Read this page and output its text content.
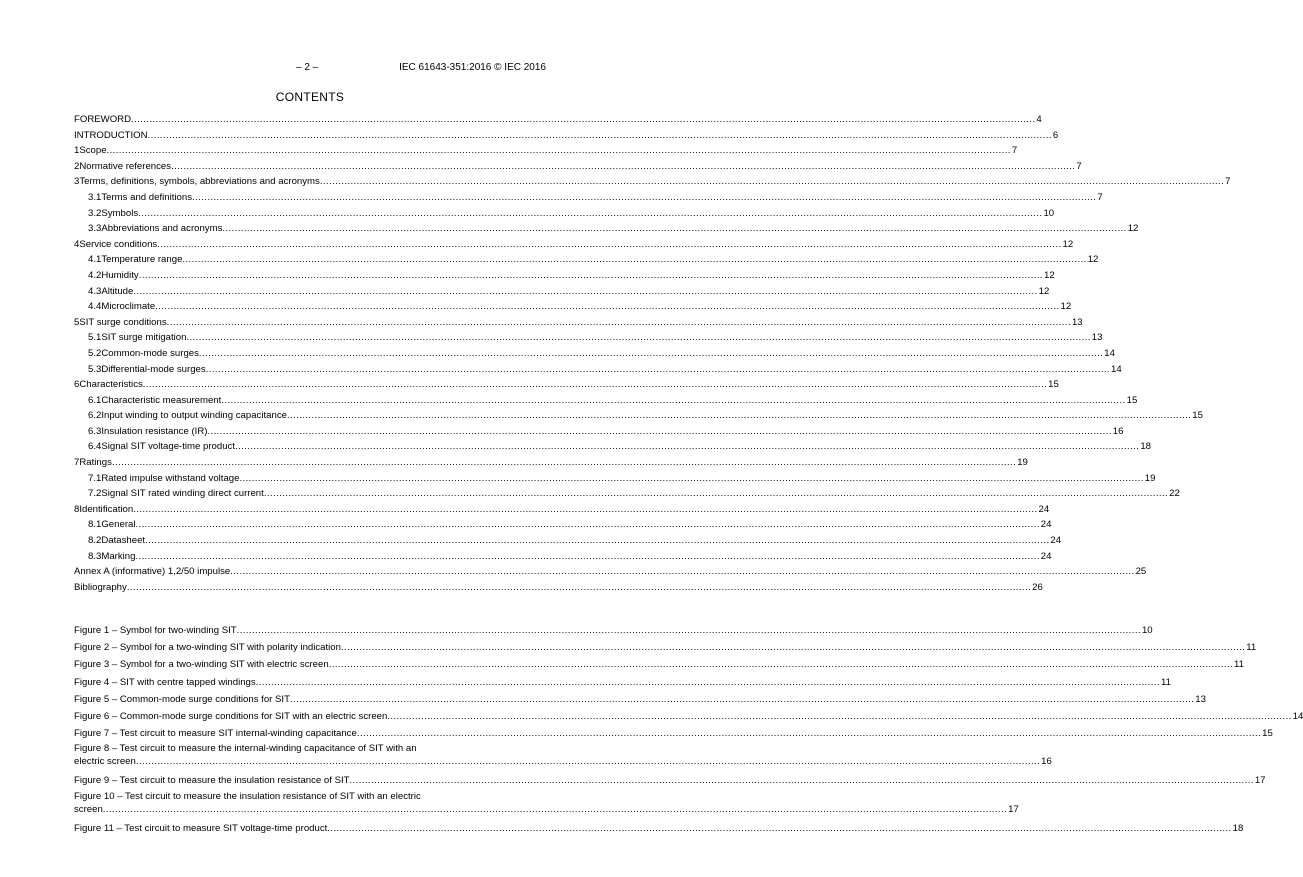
– 2 –	IEC 61643-351:2016 © IEC 2016
CONTENTS
FOREWORD .....	4
INTRODUCTION .....	6
1 Scope .....	7
2 Normative references .....	7
3 Terms, definitions, symbols, abbreviations and acronyms .....	7
3.1 Terms and definitions .....	7
3.2 Symbols .....	10
3.3 Abbreviations and acronyms .....	12
4 Service conditions .....	12
4.1 Temperature range .....	12
4.2 Humidity .....	12
4.3 Altitude .....	12
4.4 Microclimate .....	12
5 SIT surge conditions .....	13
5.1 SIT surge mitigation .....	13
5.2 Common-mode surges .....	14
5.3 Differential-mode surges .....	14
6 Characteristics .....	15
6.1 Characteristic measurement .....	15
6.2 Input winding to output winding capacitance .....	15
6.3 Insulation resistance (IR) .....	16
6.4 Signal SIT voltage-time product .....	18
7 Ratings .....	19
7.1 Rated impulse withstand voltage .....	19
7.2 Signal SIT rated winding direct current .....	22
8 Identification .....	24
8.1 General .....	24
8.2 Datasheet .....	24
8.3 Marking .....	24
Annex A (informative) 1,2/50 impulse .....	25
Bibliography .....	26
Figure 1 – Symbol for two-winding SIT .....	10
Figure 2 – Symbol for a two-winding SIT with polarity indication .....	11
Figure 3 – Symbol for a two-winding SIT with electric screen .....	11
Figure 4 – SIT with centre tapped windings .....	11
Figure 5 – Common-mode surge conditions for SIT .....	13
Figure 6 – Common-mode surge conditions for SIT with an electric screen .....	14
Figure 7 – Test circuit to measure SIT internal-winding capacitance .....	15
Figure 8 – Test circuit to measure the internal-winding capacitance of SIT with an
electric screen .....	16
Figure 9 – Test circuit to measure the insulation resistance of SIT .....	17
Figure 10 – Test circuit to measure the insulation resistance of SIT with an electric
screen .....	17
Figure 11 – Test circuit to measure SIT voltage-time product .....	18
